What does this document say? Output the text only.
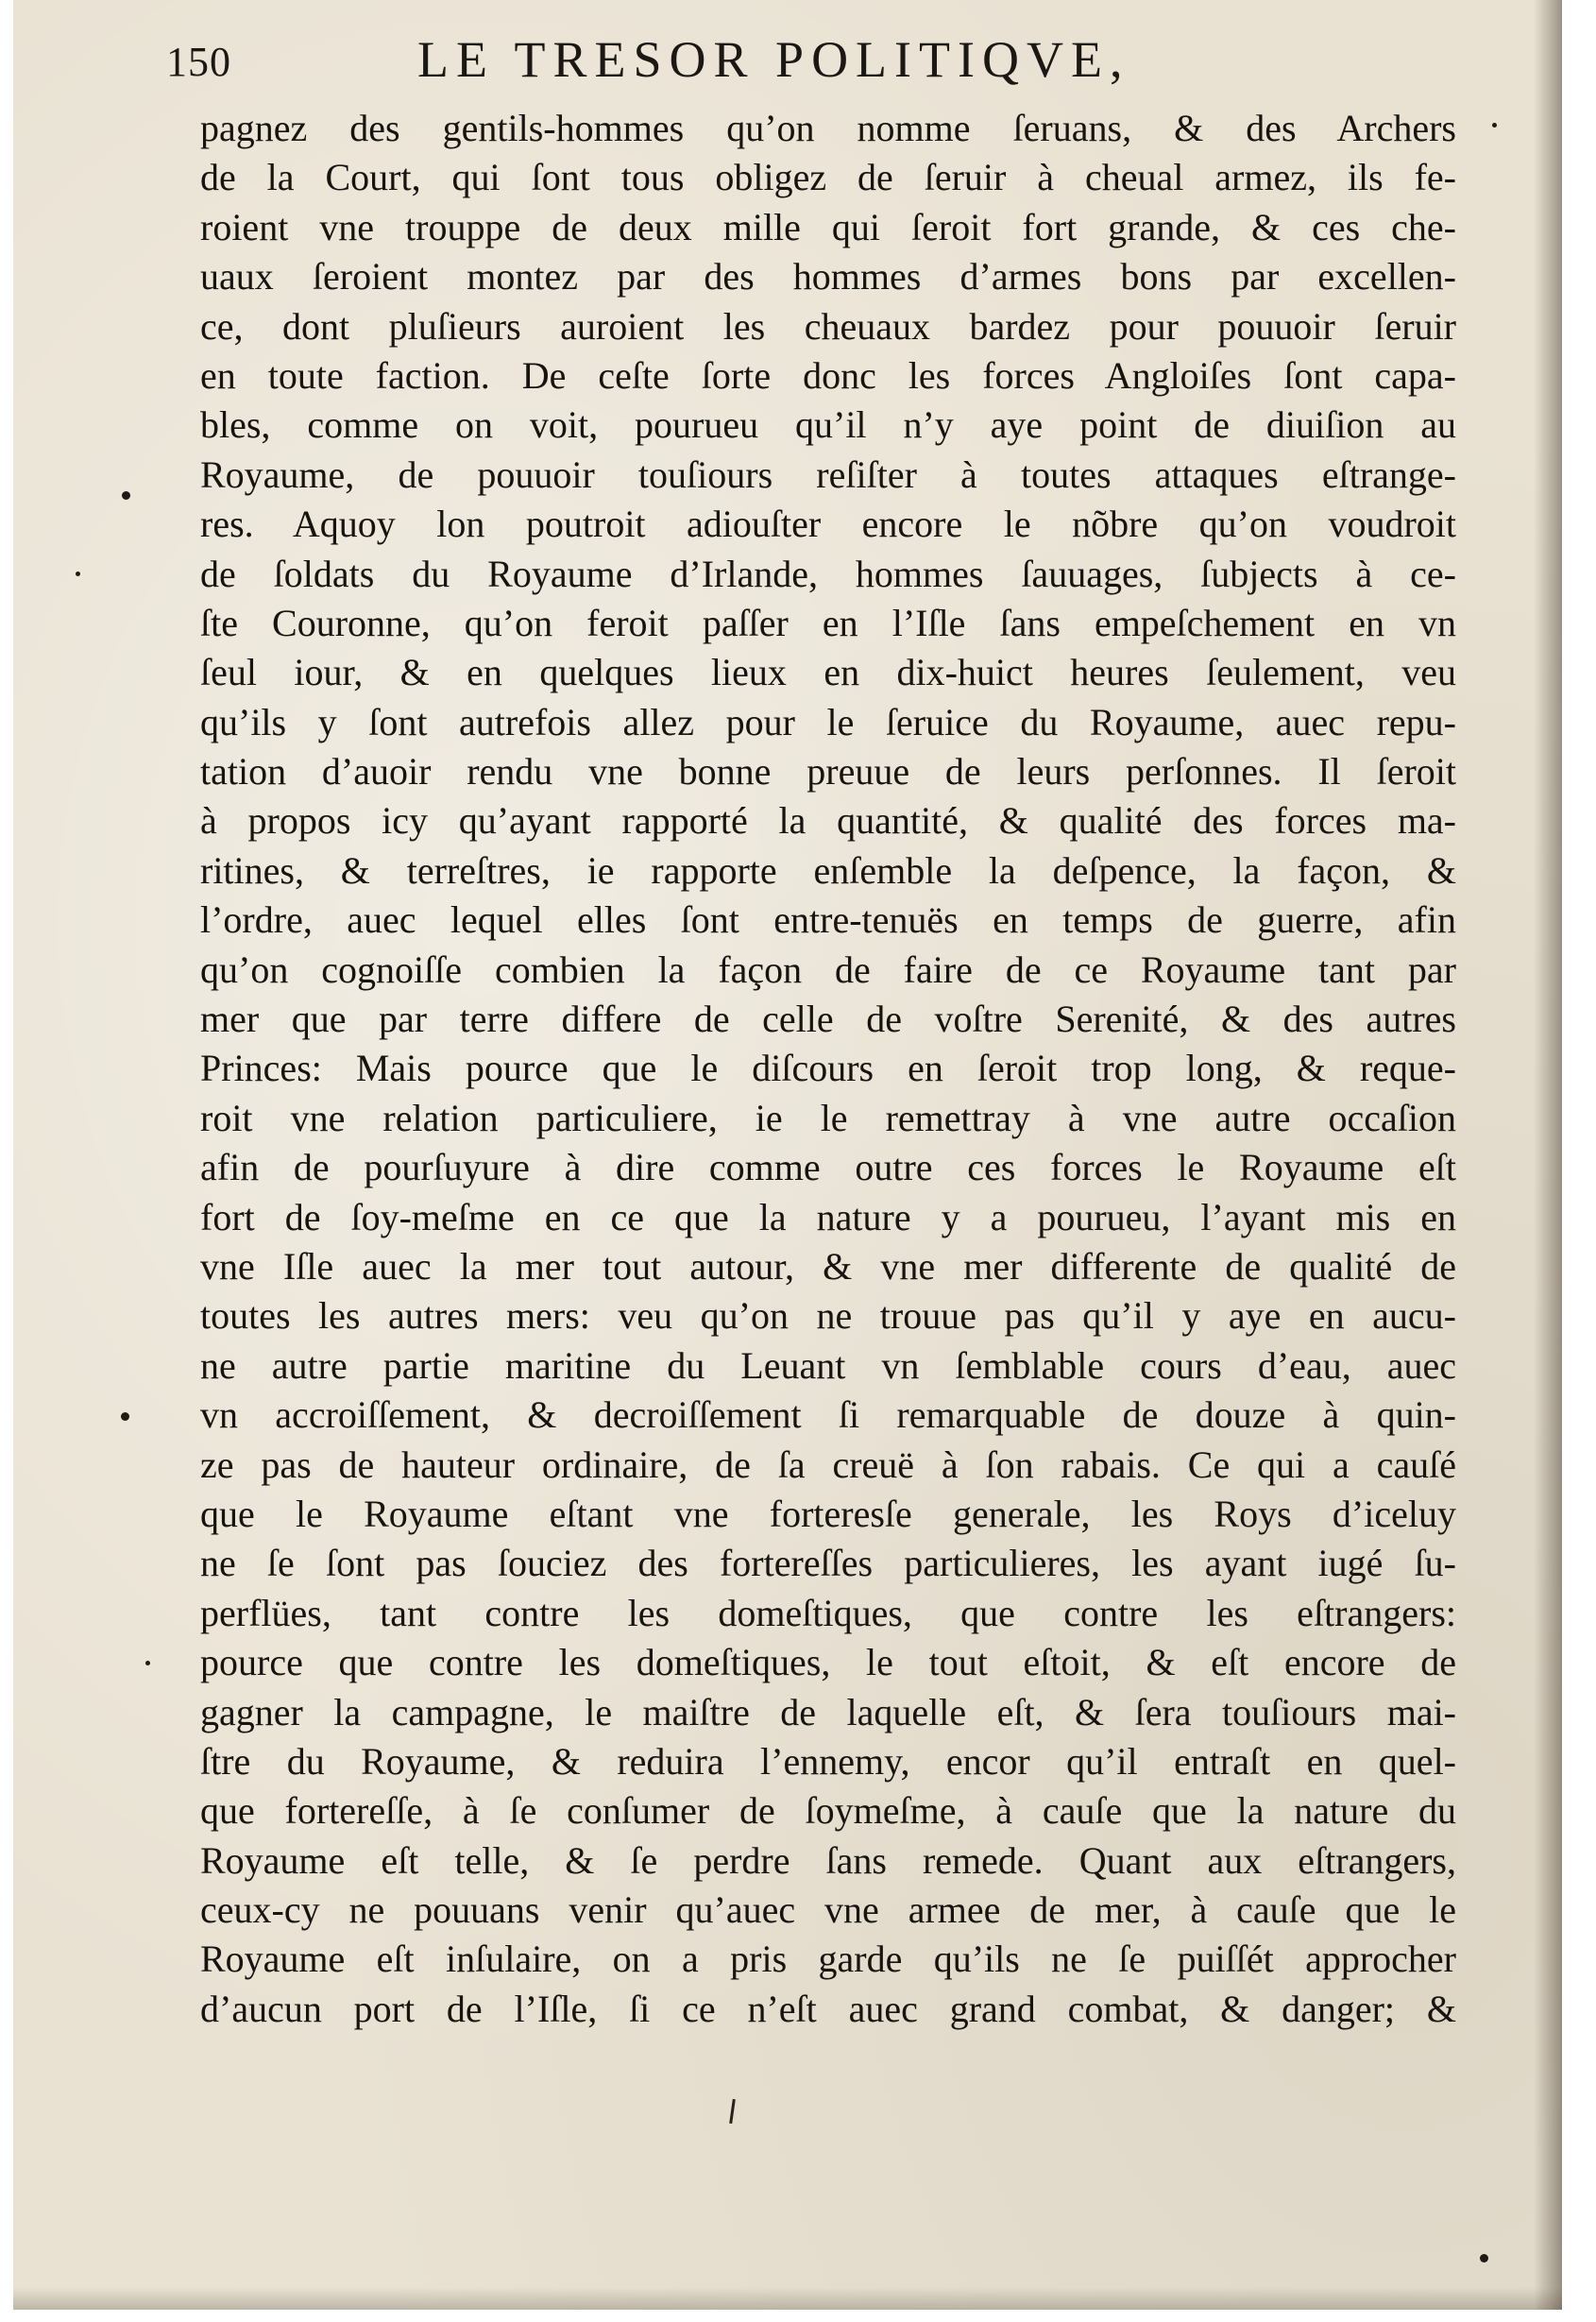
150	LE TRESOR POLITIQVE,
pagnez des gentils-hommes qu’on nomme ſeruans, & des Archers
de la Court, qui ſont tous obligez de ſeruir à cheual armez, ils fe-
roient vne trouppe de deux mille qui ſeroit fort grande, & ces che-
uaux ſeroient montez par des hommes d’armes bons par excellen-
ce, dont pluſieurs auroient les cheuaux bardez pour pouuoir ſeruir
en toute faction. De ceſte ſorte donc les forces Angloiſes ſont capa-
bles, comme on voit, pourueu qu’il n’y aye point de diuiſion au
Royaume, de pouuoir touſiours reſiſter à toutes attaques eſtrange-
res. Aquoy lon poutroit adiouſter encore le nõbre qu’on voudroit
de ſoldats du Royaume d’Irlande, hommes ſauuages, ſubjects à ce-
ſte Couronne, qu’on feroit paſſer en l’Iſle ſans empeſchement en vn
ſeul iour, & en quelques lieux en dix-huict heures ſeulement, veu
qu’ils y ſont autrefois allez pour le ſeruice du Royaume, auec repu-
tation d’auoir rendu vne bonne preuue de leurs perſonnes. Il ſeroit
à propos icy qu’ayant rapporté la quantité, & qualité des forces ma-
ritines, & terreſtres, ie rapporte enſemble la deſpence, la façon, &
l’ordre, auec lequel elles ſont entre-tenuës en temps de guerre, afin
qu’on cognoiſſe combien la façon de faire de ce Royaume tant par
mer que par terre differe de celle de voſtre Serenité, & des autres
Princes: Mais pource que le diſcours en ſeroit trop long, & reque-
roit vne relation particuliere, ie le remettray à vne autre occaſion
afin de pourſuyure à dire comme outre ces forces le Royaume eſt
fort de ſoy-meſme en ce que la nature y a pourueu, l’ayant mis en
vne Iſle auec la mer tout autour, & vne mer differente de qualité de
toutes les autres mers: veu qu’on ne trouue pas qu’il y aye en aucu-
ne autre partie maritine du Leuant vn ſemblable cours d’eau, auec
vn accroiſſement, & decroiſſement ſi remarquable de douze à quin-
ze pas de hauteur ordinaire, de ſa creuë à ſon rabais. Ce qui a cauſé
que le Royaume eſtant vne forteresſe generale, les Roys d’iceluy
ne ſe ſont pas ſouciez des fortereſſes particulieres, les ayant iugé ſu-
perflües, tant contre les domeſtiques, que contre les eſtrangers:
pource que contre les domeſtiques, le tout eſtoit, & eſt encore de
gagner la campagne, le maiſtre de laquelle eſt, & ſera touſiours mai-
ſtre du Royaume, & reduira l’ennemy, encor qu’il entraſt en quel-
que fortereſſe, à ſe conſumer de ſoymeſme, à cauſe que la nature du
Royaume eſt telle, & ſe perdre ſans remede. Quant aux eſtrangers,
ceux-cy ne pouuans venir qu’auec vne armee de mer, à cauſe que le
Royaume eſt inſulaire, on a pris garde qu’ils ne ſe puiſſét approcher
d’aucun port de l’Iſle, ſi ce n’eſt auec grand combat, & danger; &
